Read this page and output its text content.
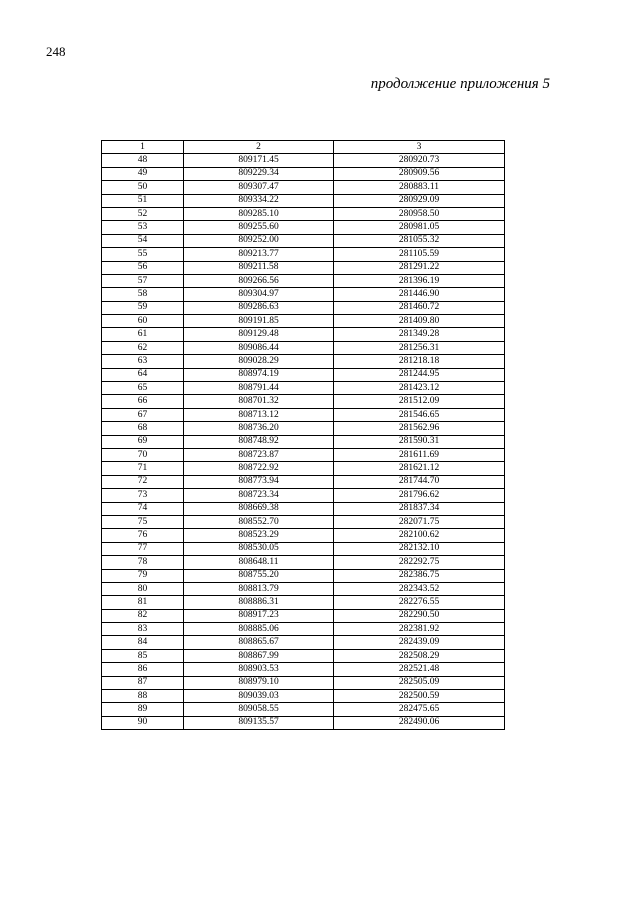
248
продолжение приложения 5
1	2	3
48	809171.45	280920.73
49	809229.34	280909.56
50	809307.47	280883.11
51	809334.22	280929.09
52	809285.10	280958.50
53	809255.60	280981.05
54	809252.00	281055.32
55	809213.77	281105.59
56	809211.58	281291.22
57	809266.56	281396.19
58	809304.97	281446.90
59	809286.63	281460.72
60	809191.85	281409.80
61	809129.48	281349.28
62	809086.44	281256.31
63	809028.29	281218.18
64	808974.19	281244.95
65	808791.44	281423.12
66	808701.32	281512.09
67	808713.12	281546.65
68	808736.20	281562.96
69	808748.92	281590.31
70	808723.87	281611.69
71	808722.92	281621.12
72	808773.94	281744.70
73	808723.34	281796.62
74	808669.38	281837.34
75	808552.70	282071.75
76	808523.29	282100.62
77	808530.05	282132.10
78	808648.11	282292.75
79	808755.20	282386.75
80	808813.79	282343.52
81	808886.31	282276.55
82	808917.23	282290.50
83	808885.06	282381.92
84	808865.67	282439.09
85	808867.99	282508.29
86	808903.53	282521.48
87	808979.10	282505.09
88	809039.03	282500.59
89	809058.55	282475.65
90	809135.57	282490.06
